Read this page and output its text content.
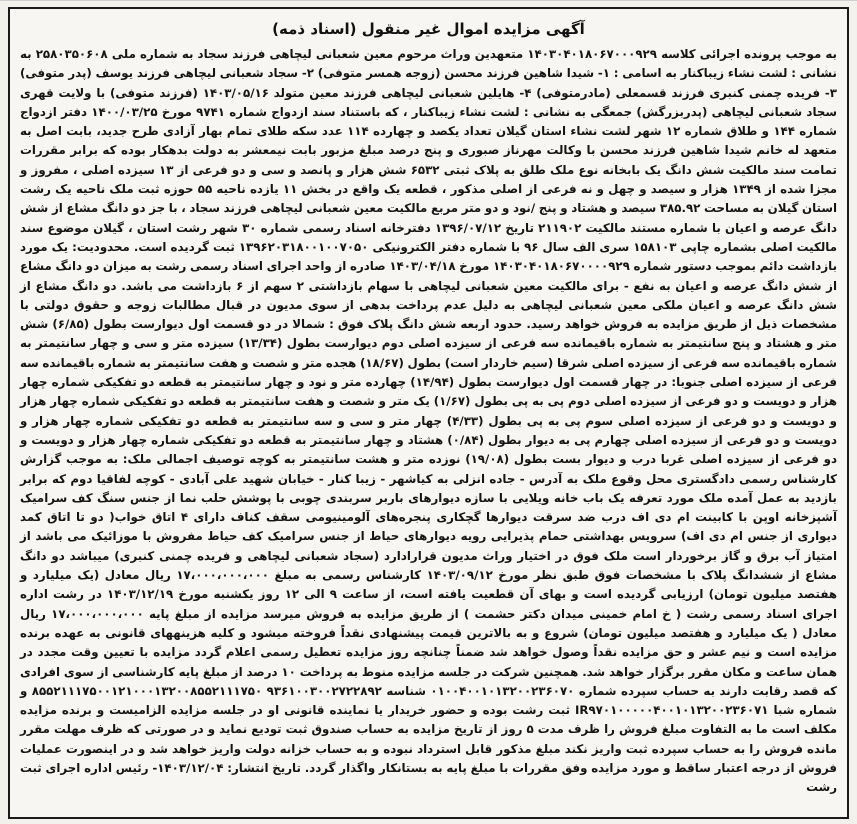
آگهی مزایده اموال غیر منقول (اسناد ذمه)

به موجب پرونده اجرائی کلاسه ۱۴۰۳۰۴۰۱۸۰۶۷۰۰۰۹۲۹ متعهدین وراث مرحوم معین شعبانی لیچاهی فرزند سجاد به شماره ملی ۲۵۸۰۳۵۰۶۰۸ به نشانی : لشت نشاء زیباکنار به اسامی : ۱- شیدا شاهین فرزند محسن (زوجه همسر متوفی) ۲- سجاد شعبانی لیچاهی فرزند یوسف (پدر متوفی) ۳- فریده چمنی کنبری فرزند قسمعلی (مادرمتوفی) ۴- هایلین شعبانی لیچاهی فرزند معین متولد ۱۴۰۳/۰۵/۱۶ (فرزند متوفی) با ولایت قهری سجاد شعبانی لیچاهی (پدربزرگش) جمعگی به نشانی : لشت نشاء زیباکنار ، که باستناد سند ازدواج شماره ۹۷۴۱ مورخ ۱۴۰۰/۰۳/۲۵ دفتر ازدواج شماره ۱۴۴ و طلاق شماره ۱۲ شهر لشت نشاء استان گیلان تعداد یکصد و چهارده ۱۱۴ عدد سکه طلای تمام بهار آزادی طرح جدید، بابت اصل به متعهد له خانم شیدا شاهین فرزند محسن با وکالت مهرناز صبوری و پنج درصد مبلغ مزبور بابت نیمعشر به دولت بدهکار بوده که برابر مقررات تمامت سند مالکیت شش دانگ یک بابخانه نوع ملک طلق به پلاک ثبتی ۶۵۳۲ شش هزار و پانصد و سی و دو فرعی از ۱۳ سیزده اصلی ، مفروز و مجزا شده از ۱۳۴۹ هزار و سیصد و چهل و نه فرعی از اصلی مذکور ، قطعه یک واقع در بخش ۱۱ یازده ناحیه ۵۵ حوزه ثبت ملک ناحیه یک رشت استان گیلان به مساحت ۳۸۵.۹۲ سیصد و هشتاد و پنج /نود و دو متر مربع مالکیت معین شعبانی لیچاهی فرزند سجاد ، با جز دو دانگ مشاع از شش دانگ عرصه و اعیان با شماره مستند مالکیت ۲۱۱۹۰۲ تاریخ ۱۳۹۶/۰۷/۱۲ دفترخانه اسناد رسمی شماره ۳۰ شهر رشت استان ، گیلان موضوع سند مالکیت اصلی بشماره چاپی ۱۵۸۱۰۳ سری الف سال ۹۶ با شماره دفتر الکترونیکی ۱۳۹۶۲۰۳۱۸۰۰۱۰۰۷۰۵۰ ثبت گردیده است. محدودیت: یک مورد بازداشت دائم بموجب دستور شماره ۱۴۰۳۰۴۰۱۸۰۶۷۰۰۰۰۹۲۹ مورخ ۱۴۰۳/۰۴/۱۸ صادره از واحد اجرای اسناد رسمی رشت به میزان دو دانگ مشاع از شش دانگ عرصه و اعیان به نفع - برای مالکیت معین شعبانی لیچاهی با سهام بازداشتی ۲ سهم از ۶ بازداشت می باشد. دو دانگ مشاع از شش دانگ عرصه و اعیان ملکی معین شعبانی لیچاهی به دلیل عدم پرداخت بدهی از سوی مدیون در قبال مطالبات زوجه و حقوق دولتی با مشخصات ذیل از طریق مزایده به فروش خواهد رسید. حدود اربعه شش دانگ پلاک فوق : شمالا در دو قسمت اول دیوارست بطول (۶/۸۵) شش متر و هشتاد و پنج سانتیمتر به شماره باقیمانده سه فرعی از سیزده اصلی دوم دیوارست بطول (۱۳/۳۴) سیزده متر و سی و چهار سانتیمتر به شماره باقیمانده سه فرعی از سیزده اصلی شرقا (سیم خاردار است) بطول (۱۸/۶۷) هجده متر و شصت و هفت سانتیمتر به شماره باقیمانده سه فرعی از سیزده اصلی جنوبا: در چهار قسمت اول دیوارست بطول (۱۴/۹۴) چهارده متر و نود و چهار سانتیمتر به قطعه دو تفکیکی شماره چهار هزار و دویست و دو فرعی از سیزده اصلی دوم پی به پی بطول (۱/۶۷) یک متر و شصت و هفت سانتیمتر به قطعه دو تفکیکی شماره چهار هزار و دویست و دو فرعی از سیزده اصلی سوم پی به پی بطول (۴/۳۳) چهار متر و سی و سه سانتیمتر به قطعه دو تفکیکی شماره چهار هزار و دویست و دو فرعی از سیزده اصلی چهارم پی به دیوار بطول (۰/۸۴) هشتاد و چهار سانتیمتر به قطعه دو تفکیکی شماره چهار هزار و دویست و دو فرعی از سیزده اصلی غربا درب و دیوار بست بطول (۱۹/۰۸) نوزده متر و هشت سانتیمتر به کوچه توصیف اجمالی ملک: به موجب گزارش کارشناس رسمی دادگستری محل وقوع ملک به آدرس - جاده انزلی به کیاشهر - زیبا کنار - خیابان شهید علی آبادی - کوچه لفاقیا دوم که برابر بازدید به عمل آمده ملک مورد تعرفه یک باب خانه ویلایی با سازه دیوارهای باربر سربندی چوبی با پوشش حلب نما از جنس سنگ کف سرامیک آشپزخانه اوپن با کابینت ام دی اف درب ضد سرقت دیوارها گچکاری پنجره‌های آلومینیومی سقف کناف دارای ۴ اتاق خواب( دو تا اتاق کمد دیواری از جنس ام دی اف) سرویس بهداشتی حمام پذیرایی رویه دیوارهای حیاط از جنس سرامیک کف حیاط مفروش با موزائیک می باشد از امتیاز آب برق و گاز برخوردار است ملک فوق در اختیار وراث مدیون قرارادارد (سجاد شعبانی لیچاهی و فریده چمنی کنبری) میباشد دو دانگ مشاع از ششدانگ پلاک با مشخصات فوق طبق نظر مورخ ۱۴۰۳/۰۹/۱۲ کارشناس رسمی به مبلغ ۱۷،۰۰۰،۰۰۰،۰۰۰ ریال معادل (یک میلیارد و هفتصد میلیون تومان) ارزیابی گردیده است و بهای آن قطعیت یافته است، از ساعت ۹ الی ۱۲ روز یکشنبه مورخ ۱۴۰۳/۱۲/۱۹ در رشت اداره اجرای اسناد رسمی رشت ( خ امام خمینی میدان دکتر حشمت ) از طریق مزایده به فروش میرسد مزایده از مبلغ پایه ۱۷،۰۰۰،۰۰۰،۰۰۰ ریال معادل ( یک میلیارد و هفتصد میلیون تومان) شروع و به بالاترین قیمت پیشنهادی نقداً فروخته میشود و کلیه هزینههای قانونی به عهده برنده مزایده است و نیم عشر و حق مزایده نقداً وصول خواهد شد ضمناً چنانچه روز مزایده تعطیل رسمی اعلام گردد مزایده با تعیین وقت مجدد در همان ساعت و مکان مقرر برگزار خواهد شد. همچنین شرکت در جلسه مزایده منوط به پرداخت ۱۰ درصد از مبلغ پایه کارشناسی از سوی افرادی که قصد رقابت دارند به حساب سپرده شماره ۰۱۰۰۴۰۰۱۰۱۳۲۰۰۲۳۶۰۷۰ شناسه ۹۳۶۱۰۰۳۰۰۲۷۲۲۸۹۲ ۸۵۵۲۱۱۱۷۵۰۰۱۲۱۰۰۰۱۳۲۰۰۸۵۵۲۱۱۱۷۵۰ و شماره شبا IR۹۷۰۱۰۰۰۰۰۴۰۰۱۰۱۳۲۰۰۲۳۶۰۷۱ ثبت رشت بوده و حضور خریدار یا نماینده قانونی او در جلسه مزایده الزامیست و برنده مزایده مکلف است ما به التفاوت مبلغ فروش را ظرف مدت ۵ روز از تاریخ مزایده به حساب صندوق ثبت تودیع نماید و در صورتی که ظرف مهلت مقرر مانده فروش را به حساب سپرده ثبت واریز نکند مبلغ مذکور قابل استرداد نبوده و به حساب خزانه دولت واریز خواهد شد و در اینصورت عملیات فروش از درجه اعتبار ساقط و مورد مزایده وفق مقررات با مبلغ پایه به بستانکار واگذار گردد. تاریخ انتشار: ۱۴۰۳/۱۲/۰۴- رئیس اداره اجرای ثبت رشت
